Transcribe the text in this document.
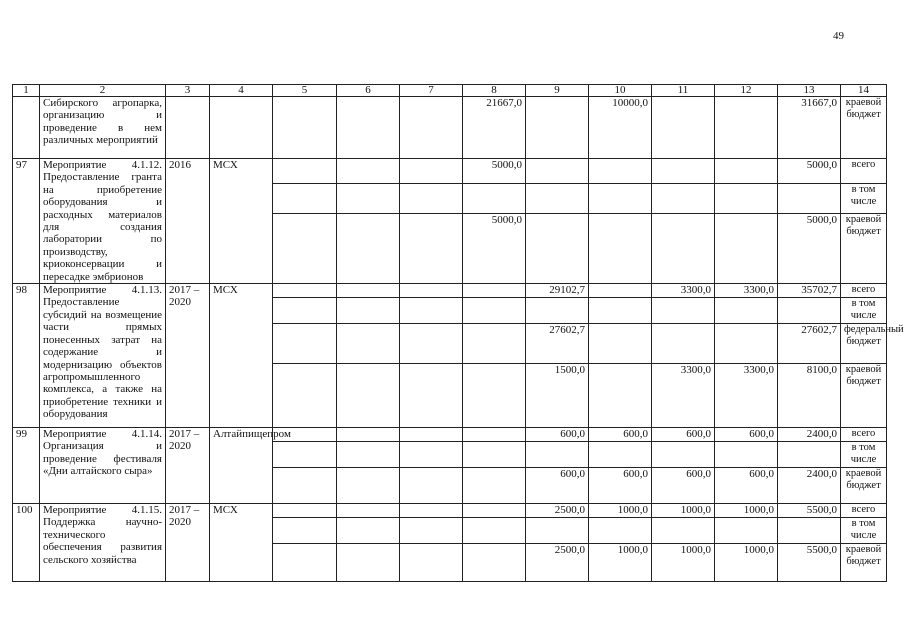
49
1	2	3	4	5	6	7	8	9	10	11	12	13	14
	Сибирского агропарка, организацию и проведение в нем различных мероприятий						21667,0		10000,0			31667,0	краевой бюджет
97	Мероприятие 4.1.12. Предоставление гранта на приобретение оборудования и расходных материалов для создания лаборатории по производству, криоконсервации и пересадке эмбрионов	2016	МСХ				5000,0					5000,0	всего
													в том числе
							5000,0					5000,0	краевой бюджет
98	Мероприятие 4.1.13. Предоставление субсидий на возмещение части прямых понесенных затрат на содержание и модернизацию объектов агропромышленного комплекса, а также на приобретение техники и оборудования	2017 – 2020	МСХ					29102,7		3300,0	3300,0	35702,7	всего
													в том числе
								27602,7				27602,7	федеральный бюджет
								1500,0		3300,0	3300,0	8100,0	краевой бюджет
99	Мероприятие 4.1.14. Организация и проведение фестиваля «Дни алтайского сыра»	2017 – 2020	Алтайпищепром					600,0	600,0	600,0	600,0	2400,0	всего
													в том числе
								600,0	600,0	600,0	600,0	2400,0	краевой бюджет
100	Мероприятие 4.1.15. Поддержка научно-технического обеспечения развития сельского хозяйства	2017 – 2020	МСХ					2500,0	1000,0	1000,0	1000,0	5500,0	всего
													в том числе
								2500,0	1000,0	1000,0	1000,0	5500,0	краевой бюджет
